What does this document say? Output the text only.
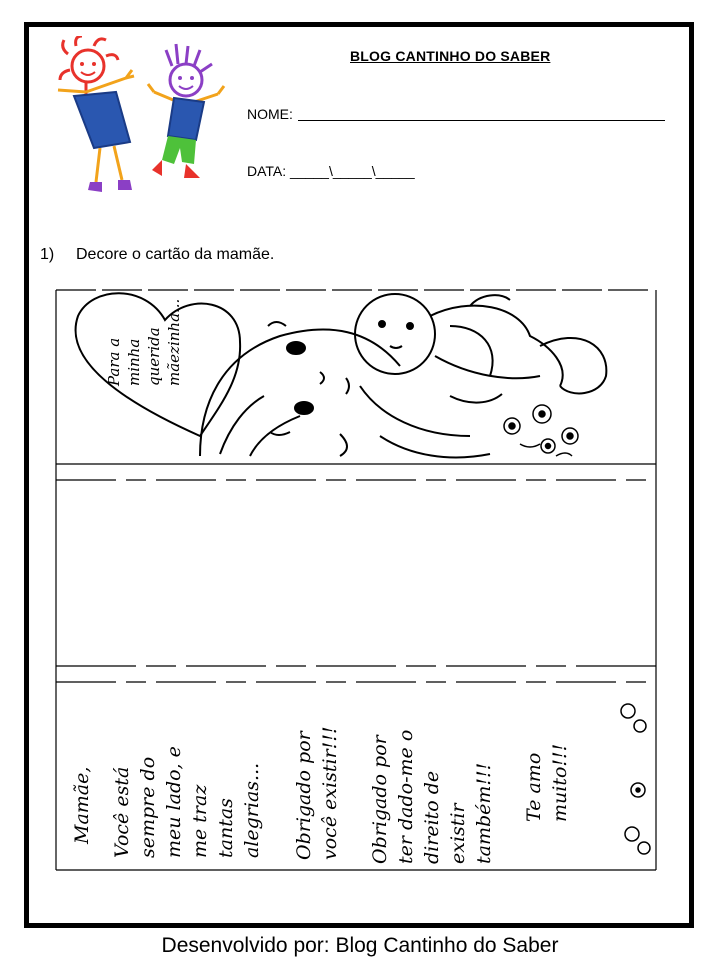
BLOG CANTINHO DO SABER
NOME:
DATA: _____\_____\_____
1) Decore o cartão da mamãe.
Para a minha querida mãezinha...
Mamãe, Você está sempre do meu lado, e me traz tantas alegrias... Obrigado por você existir!!! Obrigado por ter dado-me o direito de existir também!!! Te amo muito!!!
Desenvolvido por: Blog Cantinho do Saber
